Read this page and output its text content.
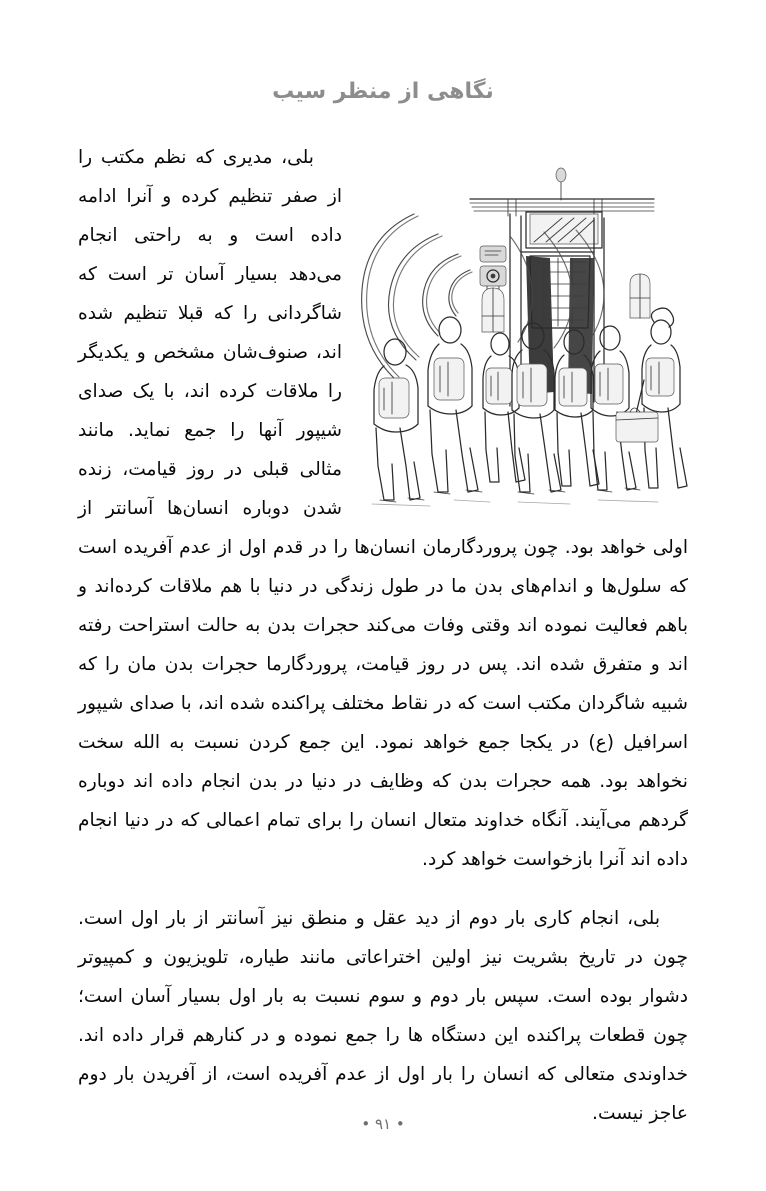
نگاهی از منظر سیب

بلی، مدیری که نظم مکتب را از صفر تنظیم کرده و آنرا ادامه داده است و به راحتی انجام می‌دهد بسیار آسان تر است که شاگردانی را که قبلا تنظیم شده اند، صنوف‌شان مشخص و یکدیگر را ملاقات کرده اند، با یک صدای شیپور آنها را جمع نماید. مانند مثالی قبلی در روز قیامت، زنده شدن دوباره انسان‌ها آسانتر از اولی خواهد بود. چون پروردگارمان انسان‌ها را در قدم اول از عدم آفریده است که سلول‌ها و اندام‌های بدن ما در طول زندگی در دنیا با هم ملاقات کرده‌اند و باهم فعالیت نموده اند وقتی وفات می‌کند حجرات بدن به حالت استراحت رفته اند و متفرق شده اند. پس در روز قیامت، پروردگارما حجرات بدن مان را که شبیه شاگردان مکتب است که در نقاط مختلف پراکنده شده اند، با صدای شیپور اسرافیل (ع) در یکجا جمع خواهد نمود. این جمع کردن نسبت به الله سخت نخواهد بود. همه حجرات بدن که وظایف در دنیا در بدن انجام داده اند دوباره گردهم می‌آیند. آنگاه خداوند متعال انسان را برای تمام اعمالی که در دنیا انجام داده اند آنرا بازخواست خواهد کرد.

بلی، انجام کاری بار دوم از دید عقل و منطق نیز آسانتر از بار اول است. چون در تاریخ بشریت نیز اولین اختراعاتی مانند طیاره، تلویزیون و کمپیوتر دشوار بوده است. سپس بار دوم و سوم نسبت به بار اول بسیار آسان است؛ چون قطعات پراکنده این دستگاه ها را جمع نموده و در کنارهم قرار داده اند. خداوندی متعالی که انسان را بار اول از عدم آفریده است، از آفریدن بار دوم عاجز نیست.

• ۹۱ •
